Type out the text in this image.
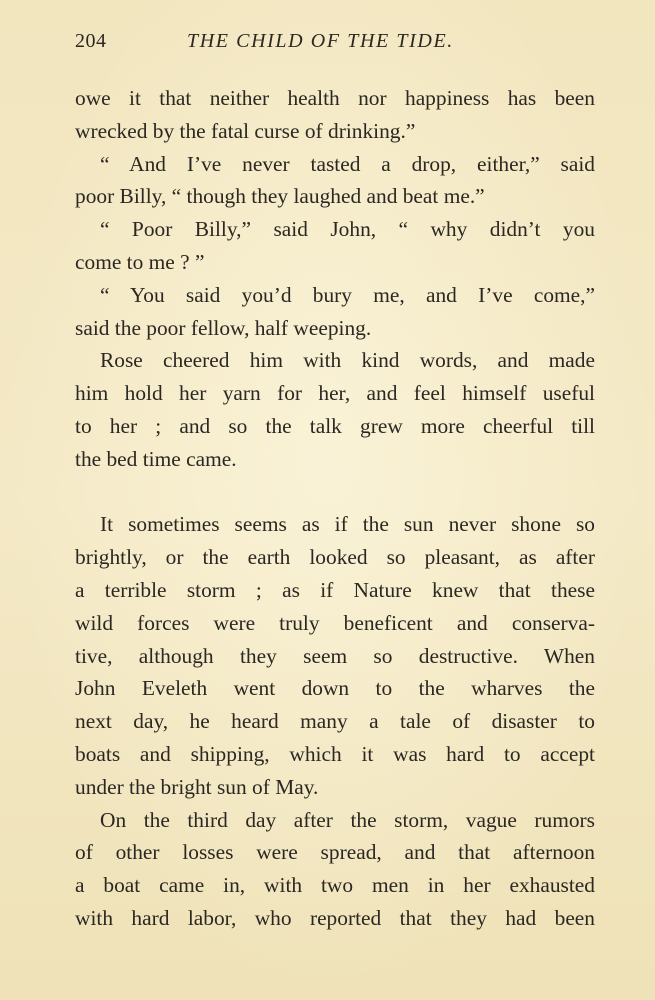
204	THE CHILD OF THE TIDE.
owe it that neither health nor happiness has been
wrecked by the fatal curse of drinking.”
“ And I’ve never tasted a drop, either,” said
poor Billy, “ though they laughed and beat me.”
“ Poor Billy,” said John, “ why didn’t you
come to me ? ”
“ You said you’d bury me, and I’ve come,”
said the poor fellow, half weeping.
Rose cheered him with kind words, and made
him hold her yarn for her, and feel himself useful
to her ; and so the talk grew more cheerful till
the bed time came.
It sometimes seems as if the sun never shone so
brightly, or the earth looked so pleasant, as after
a terrible storm ; as if Nature knew that these
wild forces were truly beneficent and conserva-
tive, although they seem so destructive. When
John Eveleth went down to the wharves the
next day, he heard many a tale of disaster to
boats and shipping, which it was hard to accept
under the bright sun of May.
On the third day after the storm, vague rumors
of other losses were spread, and that afternoon
a boat came in, with two men in her exhausted
with hard labor, who reported that they had been
